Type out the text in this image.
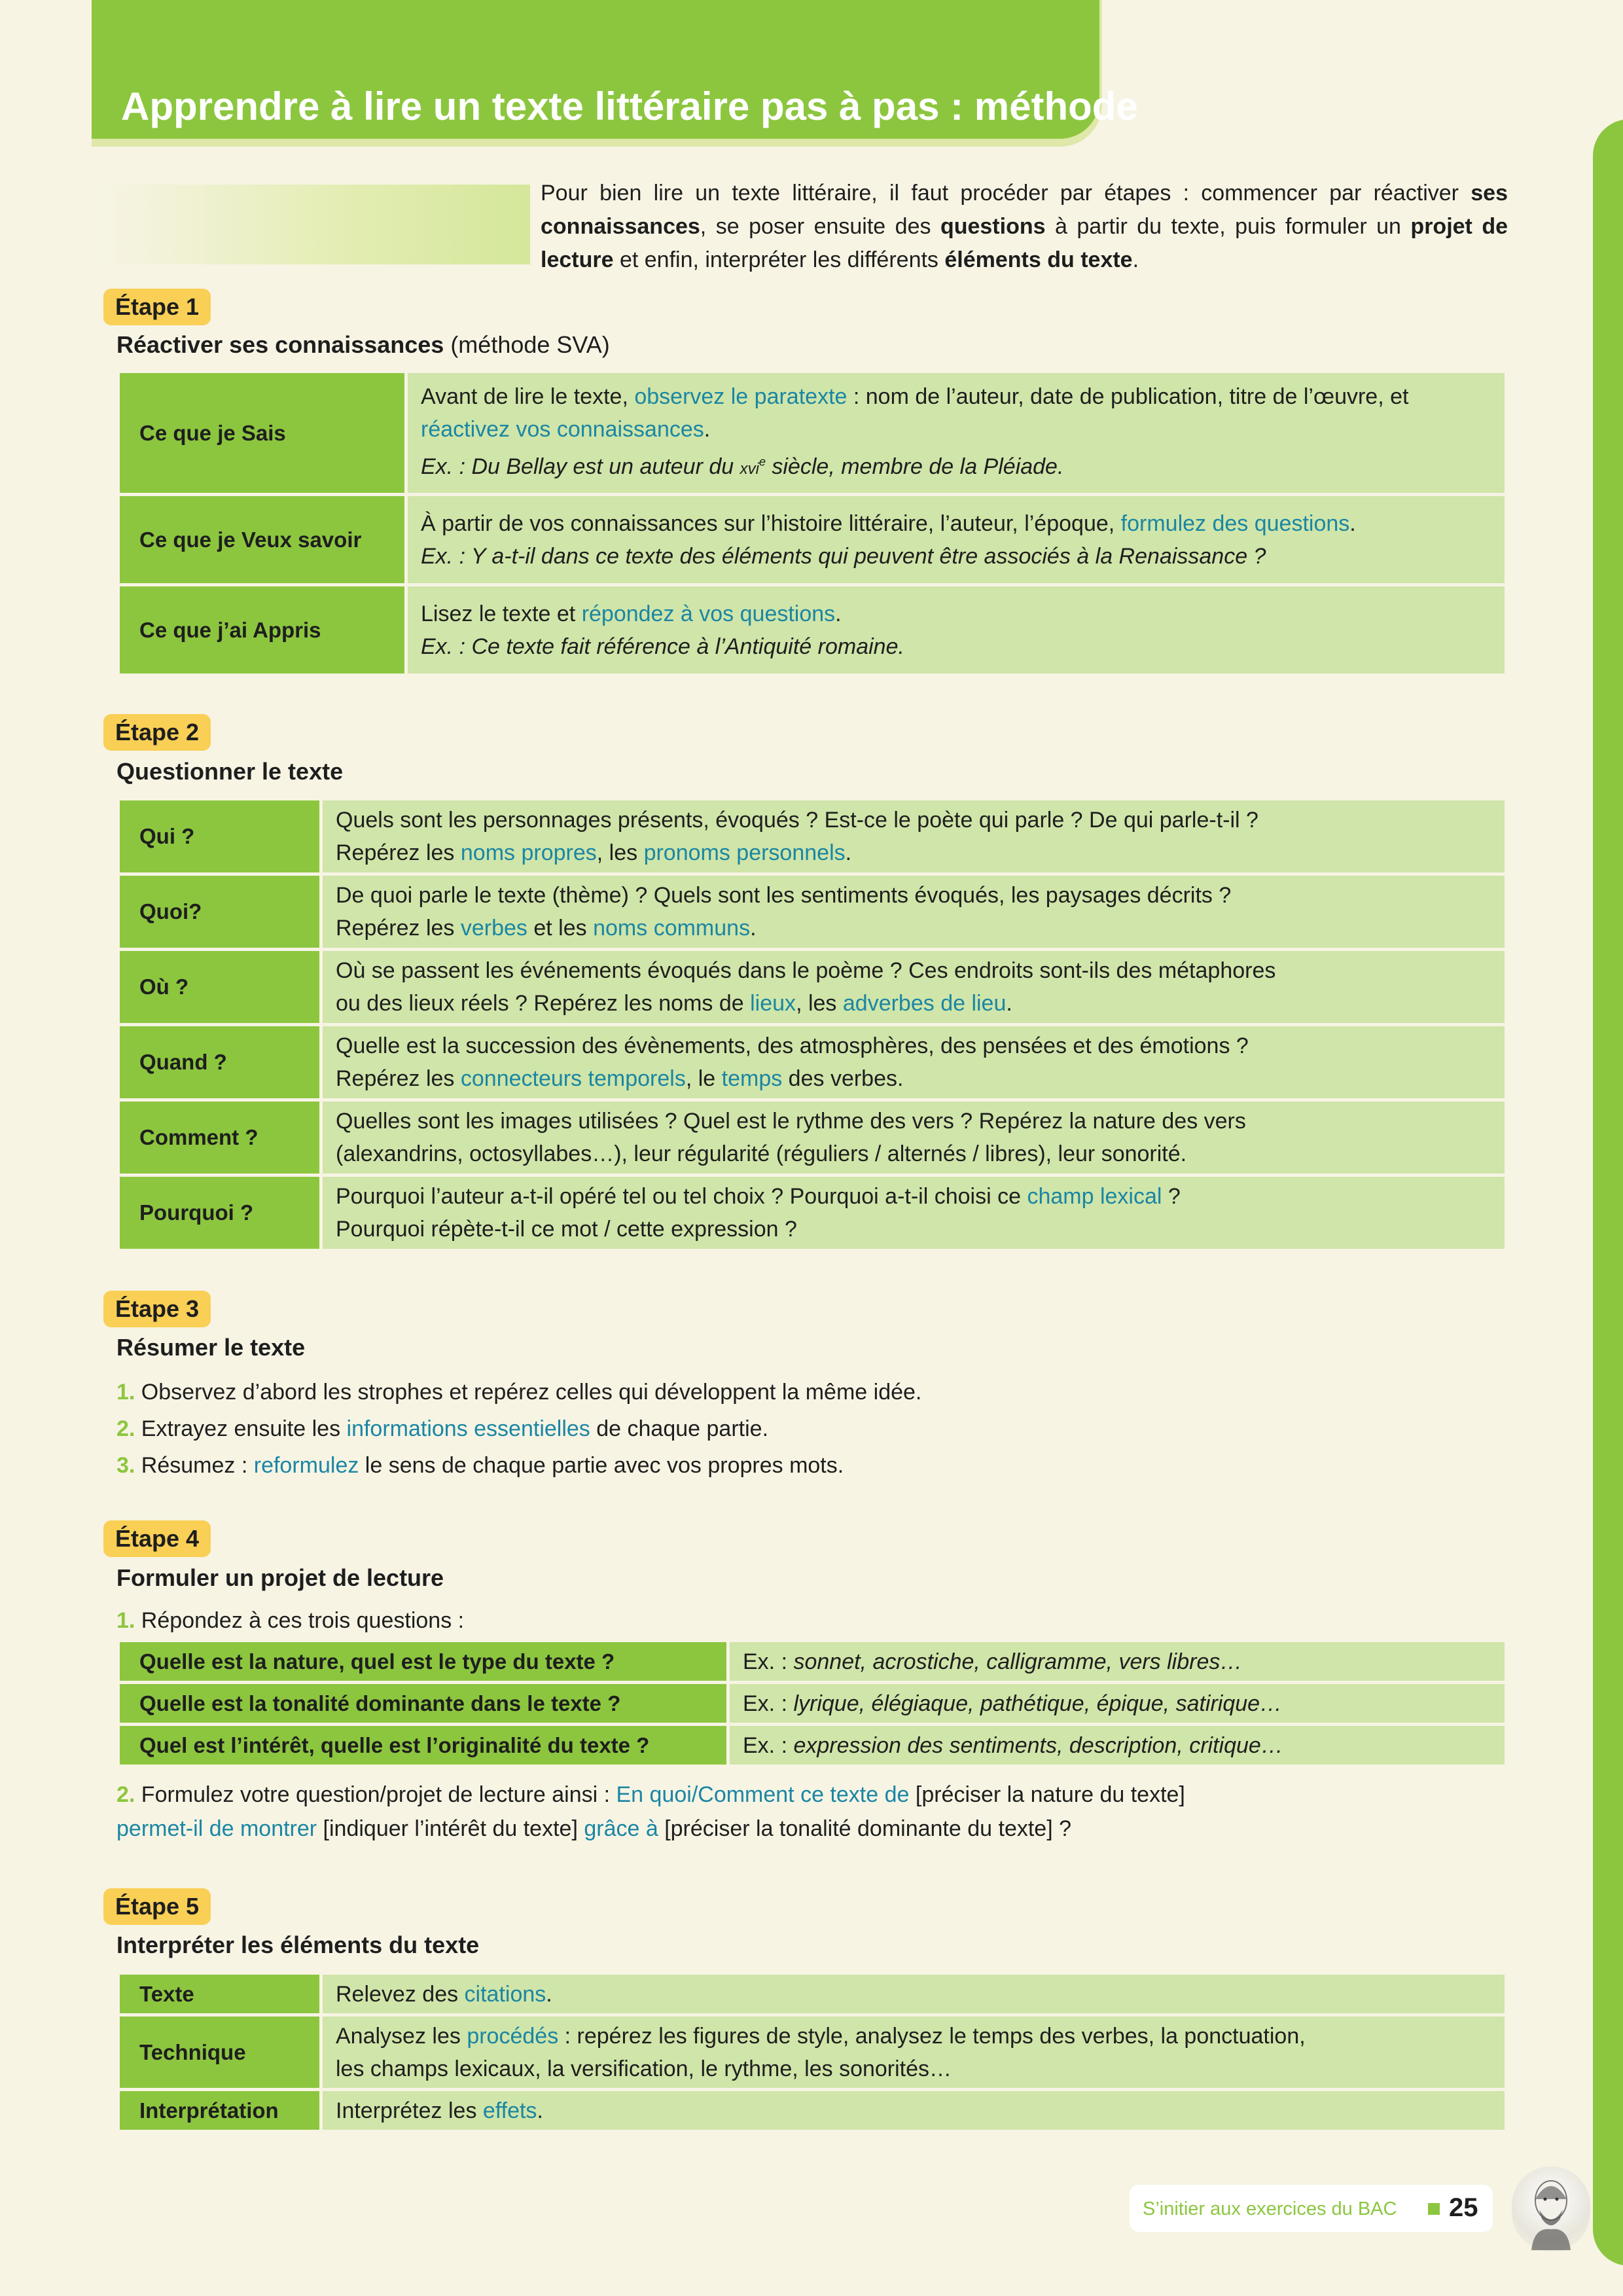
Apprendre à lire un texte littéraire pas à pas : méthode
Pour bien lire un texte littéraire, il faut procéder par étapes : commencer par réactiver ses connaissances, se poser ensuite des questions à partir du texte, puis formuler un projet de lecture et enfin, interpréter les différents éléments du texte.
Étape 1
Réactiver ses connaissances (méthode SVA)
Ce que je Sais	Avant de lire le texte, observez le paratexte : nom de l’auteur, date de publication, titre de l’œuvre, et réactivez vos connaissances.
Ex. : Du Bellay est un auteur du xvi$^e$ siècle, membre de la Pléiade.
Ce que je Veux savoir	À partir de vos connaissances sur l’histoire littéraire, l’auteur, l’époque, formulez des questions.
Ex. : Y a-t-il dans ce texte des éléments qui peuvent être associés à la Renaissance ?
Ce que j’ai Appris	Lisez le texte et répondez à vos questions.
Ex. : Ce texte fait référence à l’Antiquité romaine.
Étape 2
Questionner le texte
Qui ?	Quels sont les personnages présents, évoqués ? Est-ce le poète qui parle ? De qui parle-t-il ?
Repérez les noms propres, les pronoms personnels.
Quoi?	De quoi parle le texte (thème) ? Quels sont les sentiments évoqués, les paysages décrits ?
Repérez les verbes et les noms communs.
Où ?	Où se passent les événements évoqués dans le poème ? Ces endroits sont-ils des métaphores
ou des lieux réels ? Repérez les noms de lieux, les adverbes de lieu.
Quand ?	Quelle est la succession des évènements, des atmosphères, des pensées et des émotions ?
Repérez les connecteurs temporels, le temps des verbes.
Comment ?	Quelles sont les images utilisées ? Quel est le rythme des vers ? Repérez la nature des vers
(alexandrins, octosyllabes…), leur régularité (réguliers / alternés / libres), leur sonorité.
Pourquoi ?	Pourquoi l’auteur a-t-il opéré tel ou tel choix ? Pourquoi a-t-il choisi ce champ lexical ?
Pourquoi répète-t-il ce mot / cette expression ?
Étape 3
Résumer le texte
1. Observez d’abord les strophes et repérez celles qui développent la même idée.
2. Extrayez ensuite les informations essentielles de chaque partie.
3. Résumez : reformulez le sens de chaque partie avec vos propres mots.
Étape 4
Formuler un projet de lecture
1. Répondez à ces trois questions :
Quelle est la nature, quel est le type du texte ?	Ex. : sonnet, acrostiche, calligramme, vers libres…
Quelle est la tonalité dominante dans le texte ?	Ex. : lyrique, élégiaque, pathétique, épique, satirique…
Quel est l’intérêt, quelle est l’originalité du texte ?	Ex. : expression des sentiments, description, critique…
2. Formulez votre question/projet de lecture ainsi : En quoi/Comment ce texte de [préciser la nature du texte]
permet-il de montrer [indiquer l’intérêt du texte] grâce à [préciser la tonalité dominante du texte] ?
Étape 5
Interpréter les éléments du texte
Texte	Relevez des citations.
Technique	Analysez les procédés : repérez les figures de style, analysez le temps des verbes, la ponctuation,
les champs lexicaux, la versification, le rythme, les sonorités…
Interprétation	Interprétez les effets.
S’initier aux exercices du BAC 25
